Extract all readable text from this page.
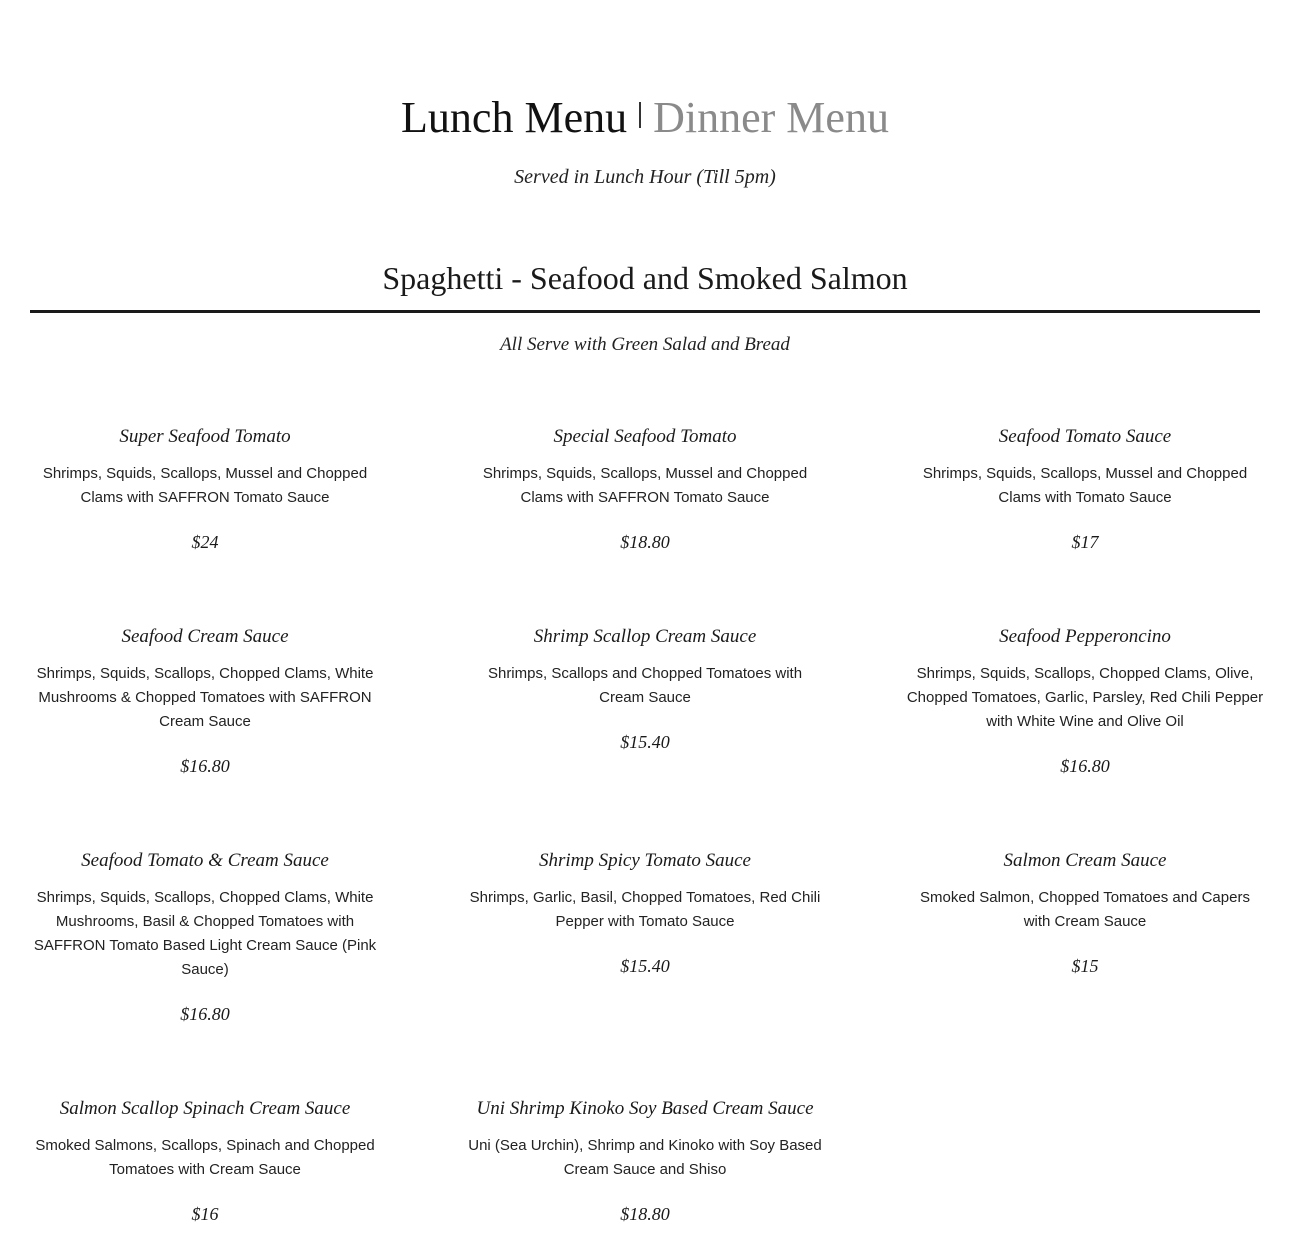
Lunch Menu Dinner Menu
Served in Lunch Hour (Till 5pm)
Spaghetti - Seafood and Smoked Salmon
All Serve with Green Salad and Bread
Super Seafood Tomato
Shrimps, Squids, Scallops, Mussel and Chopped Clams with SAFFRON Tomato Sauce
$24
Special Seafood Tomato
Shrimps, Squids, Scallops, Mussel and Chopped Clams with SAFFRON Tomato Sauce
$18.80
Seafood Tomato Sauce
Shrimps, Squids, Scallops, Mussel and Chopped Clams with Tomato Sauce
$17
Seafood Cream Sauce
Shrimps, Squids, Scallops, Chopped Clams, White Mushrooms & Chopped Tomatoes with SAFFRON Cream Sauce
$16.80
Shrimp Scallop Cream Sauce
Shrimps, Scallops and Chopped Tomatoes with Cream Sauce
$15.40
Seafood Pepperoncino
Shrimps, Squids, Scallops, Chopped Clams, Olive, Chopped Tomatoes, Garlic, Parsley, Red Chili Pepper with White Wine and Olive Oil
$16.80
Seafood Tomato & Cream Sauce
Shrimps, Squids, Scallops, Chopped Clams, White Mushrooms, Basil & Chopped Tomatoes with SAFFRON Tomato Based Light Cream Sauce (Pink Sauce)
$16.80
Shrimp Spicy Tomato Sauce
Shrimps, Garlic, Basil, Chopped Tomatoes, Red Chili Pepper with Tomato Sauce
$15.40
Salmon Cream Sauce
Smoked Salmon, Chopped Tomatoes and Capers with Cream Sauce
$15
Salmon Scallop Spinach Cream Sauce
Smoked Salmons, Scallops, Spinach and Chopped Tomatoes with Cream Sauce
$16
Uni Shrimp Kinoko Soy Based Cream Sauce
Uni (Sea Urchin), Shrimp and Kinoko with Soy Based Cream Sauce and Shiso
$18.80
